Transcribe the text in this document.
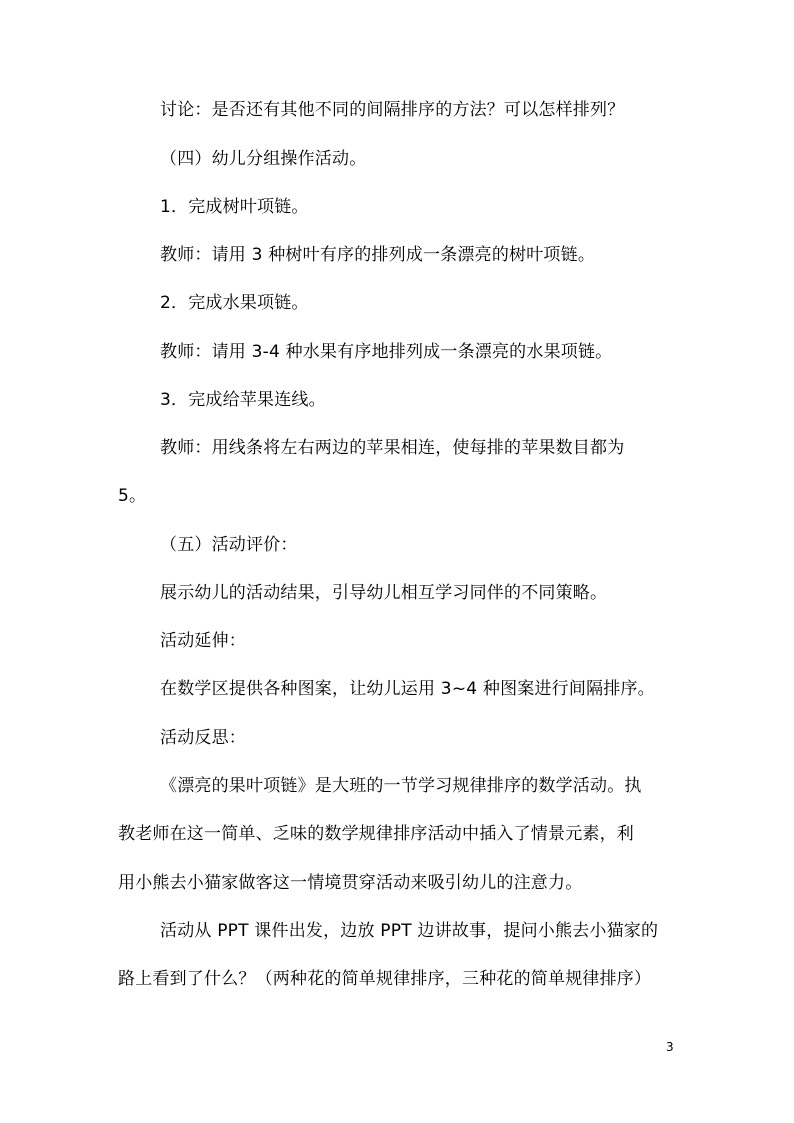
讨论：是否还有其他不同的间隔排序的方法？可以怎样排列？
（四）幼儿分组操作活动。
1．完成树叶项链。
教师：请用 3 种树叶有序的排列成一条漂亮的树叶项链。
2．完成水果项链。
教师：请用 3-4 种水果有序地排列成一条漂亮的水果项链。
3．完成给苹果连线。
教师：用线条将左右两边的苹果相连，使每排的苹果数目都为
5。
（五）活动评价：
展示幼儿的活动结果，引导幼儿相互学习同伴的不同策略。
活动延伸：
在数学区提供各种图案，让幼儿运用 3~4 种图案进行间隔排序。
活动反思：
《漂亮的果叶项链》是大班的一节学习规律排序的数学活动。执
教老师在这一简单、乏味的数学规律排序活动中插入了情景元素，利
用小熊去小猫家做客这一情境贯穿活动来吸引幼儿的注意力。
活动从 PPT 课件出发，边放 PPT 边讲故事，提问小熊去小猫家的
路上看到了什么？（两种花的简单规律排序，三种花的简单规律排序）
3
